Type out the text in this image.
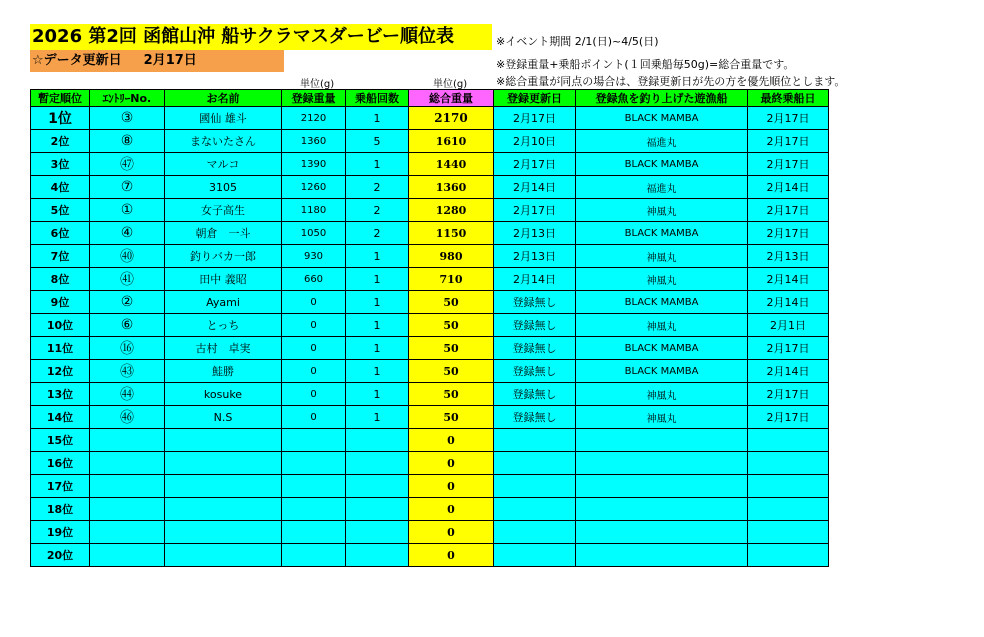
2026 第2回 函館山沖 船サクラマスダービー順位表	※イベント期間 2/1(日)~4/5(日)
☆データ更新日 2月17日	※登録重量+乗船ポイント(１回乗船毎50g)=総合重量です。
※総合重量が同点の場合は、登録更新日が先の方を優先順位とします。
単位(g)	単位(g)
暫定順位	ｴﾝﾄﾘｰNo.	お名前	登録重量	乗船回数	総合重量	登録更新日	登録魚を釣り上げた遊漁船	最終乗船日
1位	③	國仙 雄斗	2120	1	2170	2月17日	BLACK MAMBA	2月17日
2位	⑧	まないたさん	1360	5	1610	2月10日	福進丸	2月17日
3位	㊼	マルコ	1390	1	1440	2月17日	BLACK MAMBA	2月17日
4位	⑦	3105	1260	2	1360	2月14日	福進丸	2月14日
5位	①	女子高生	1180	2	1280	2月17日	神風丸	2月17日
6位	④	朝倉　一斗	1050	2	1150	2月13日	BLACK MAMBA	2月17日
7位	㊵	釣りバカ一郎	930	1	980	2月13日	神風丸	2月13日
8位	㊶	田中 義昭	660	1	710	2月14日	神風丸	2月14日
9位	②	Ayami	0	1	50	登録無し	BLACK MAMBA	2月14日
10位	⑥	とっち	0	1	50	登録無し	神風丸	2月1日
11位	⑯	古村　卓実	0	1	50	登録無し	BLACK MAMBA	2月17日
12位	㊸	鮭勝	0	1	50	登録無し	BLACK MAMBA	2月14日
13位	㊹	kosuke	0	1	50	登録無し	神風丸	2月17日
14位	㊻	N.S	0	1	50	登録無し	神風丸	2月17日
15位					0			
16位					0			
17位					0			
18位					0			
19位					0			
20位					0			
